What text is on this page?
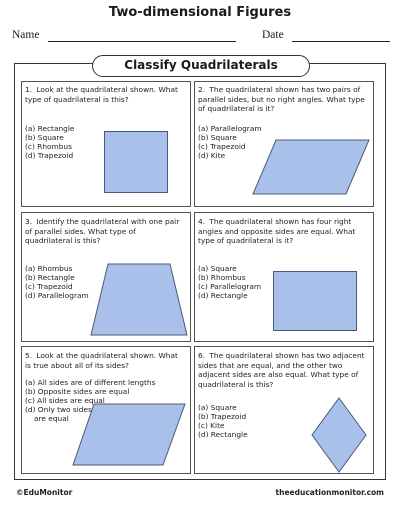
Two-dimensional Figures
Name	Date
Classify Quadrilaterals
1. Look at the quadrilateral shown. What type of quadrilateral is this?
(a) Rectangle
(b) Square
(c) Rhombus
(d) Trapezoid
2. The quadrilateral shown has two pairs of parallel sides, but no right angles. What type of quadrilateral is it?
(a) Parallelogram
(b) Square
(c) Trapezoid
(d) Kite
3. Identify the quadrilateral with one pair of parallel sides. What type of quadrilateral is this?
(a) Rhombus
(b) Rectangle
(c) Trapezoid
(d) Parallelogram
4. The quadrilateral shown has four right angles and opposite sides are equal. What type of quadrilateral is it?
(a) Square
(b) Rhombus
(c) Parallelogram
(d) Rectangle
5. Look at the quadrilateral shown. What is true about all of its sides?
(a) All sides are of different lengths
(b) Opposite sides are equal
(c) All sides are equal
(d) Only two sides
are equal
6. The quadrilateral shown has two adjacent sides that are equal, and the other two adjacent sides are also equal. What type of quadrilateral is this?
(a) Square
(b) Trapezoid
(c) Kite
(d) Rectangle
©EduMonitor	theeducationmonitor.com
